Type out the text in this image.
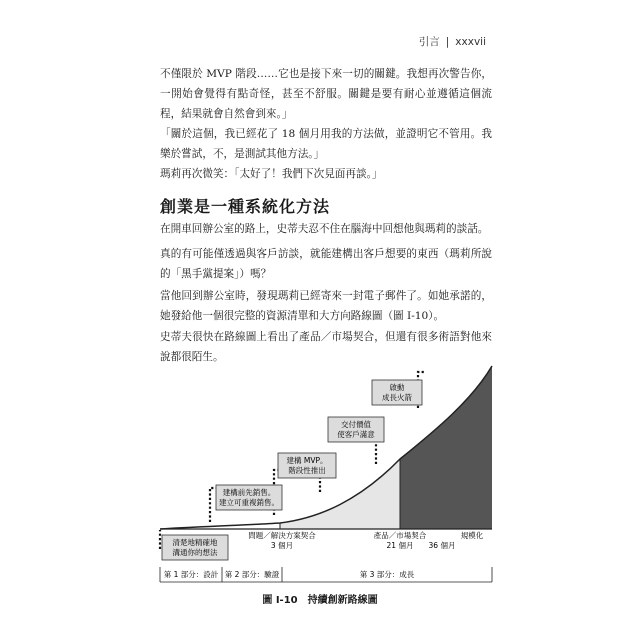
引言 | xxxvii

不僅限於 MVP 階段……它也是接下來一切的關鍵。我想再次警告你，一開始會覺得有點奇怪，甚至不舒服。關鍵是要有耐心並遵循這個流程，結果就會自然會到來。」

「關於這個，我已經花了 18 個月用我的方法做，並證明它不管用。我樂於嘗試，不，是測試其他方法。」

瑪莉再次微笑：「太好了！我們下次見面再談。」

創業是一種系統化方法

在開車回辦公室的路上，史蒂夫忍不住在腦海中回想他與瑪莉的談話。

真的有可能僅透過與客戶訪談，就能建構出客戶想要的東西（瑪莉所說的「黑手黨提案」）嗎？

當他回到辦公室時，發現瑪莉已經寄來一封電子郵件了。如她承諾的，她發給他一個很完整的資源清單和大方向路線圖（圖 I-10）。

史蒂夫很快在路線圖上看出了產品／市場契合，但還有很多術語對他來說都很陌生。

清楚地精確地
溝通你的想法
建構前先銷售。
建立可重複銷售。
建構 MVP。
階段性推出
交付價值
使客戶滿意
啟動
成長火箭
問題／解決方案契合
3 個月
產品／市場契合
21 個月 36 個月
規模化
第 1 部分：設計 第 2 部分：驗證	第 3 部分：成長
圖 I-10 持續創新路線圖
